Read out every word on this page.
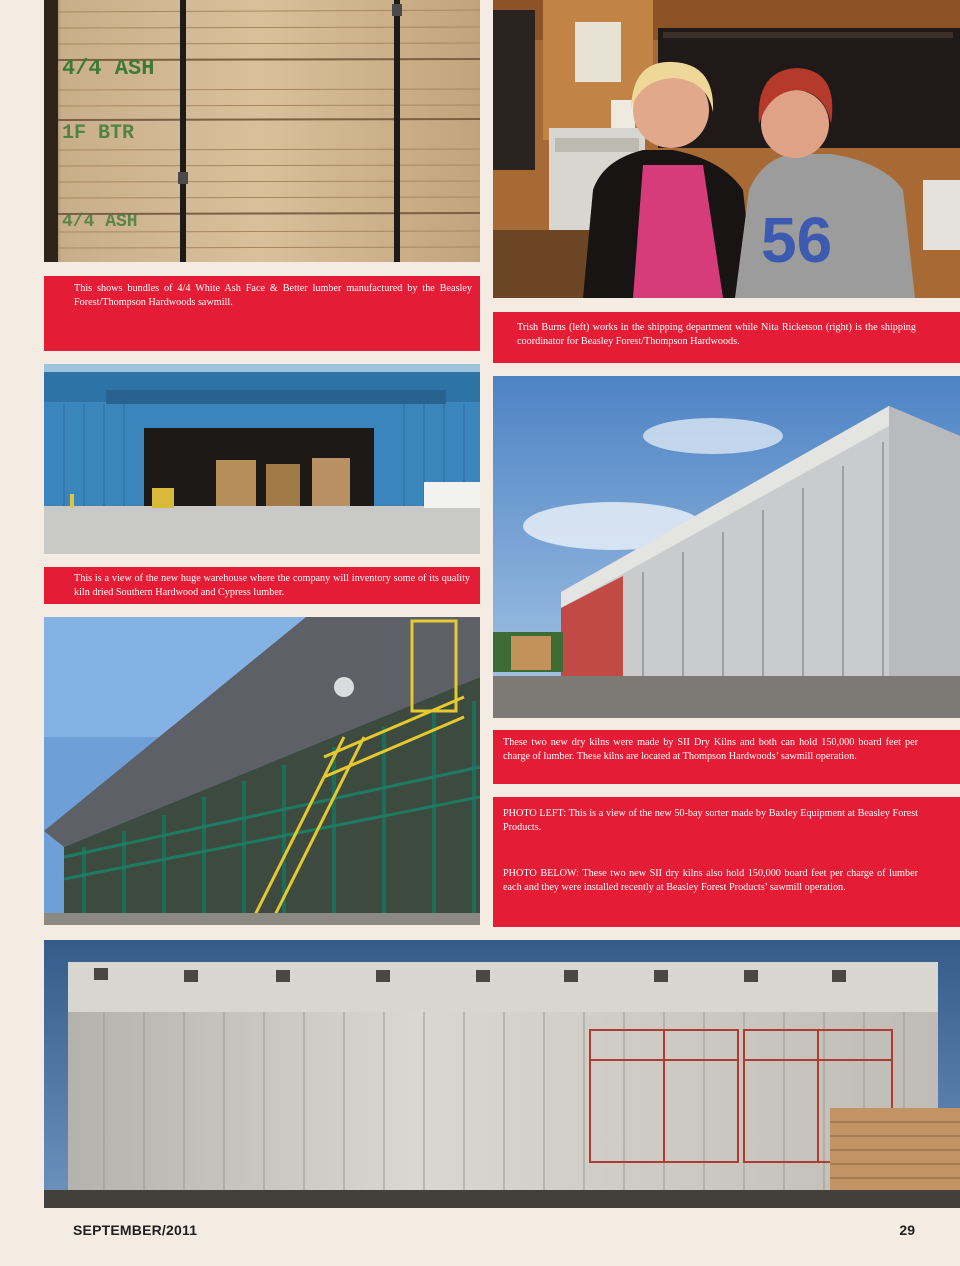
4/4 ASH
1F BTR
4/4 ASH

This shows bundles of 4/4 White Ash Face & Better lumber manufactured by the Beasley Forest/Thompson Hardwoods sawmill.

56

Trish Burns (left) works in the shipping department while Nita Ricketson (right) is the shipping coordinator for Beasley Forest/Thompson Hardwoods.

This is a view of the new huge warehouse where the company will inventory some of its quality kiln dried Southern Hardwood and Cypress lumber.

These two new dry kilns were made by SII Dry Kilns and both can hold 150,000 board feet per charge of lumber. These kilns are located at Thompson Hardwoods’ sawmill operation.

PHOTO LEFT: This is a view of the new 50-bay sorter made by Baxley Equipment at Beasley Forest Products.

PHOTO BELOW: These two new SII dry kilns also hold 150,000 board feet per charge of lumber each and they were installed recently at Beasley Forest Products’ sawmill operation.

SEPTEMBER/2011	29
